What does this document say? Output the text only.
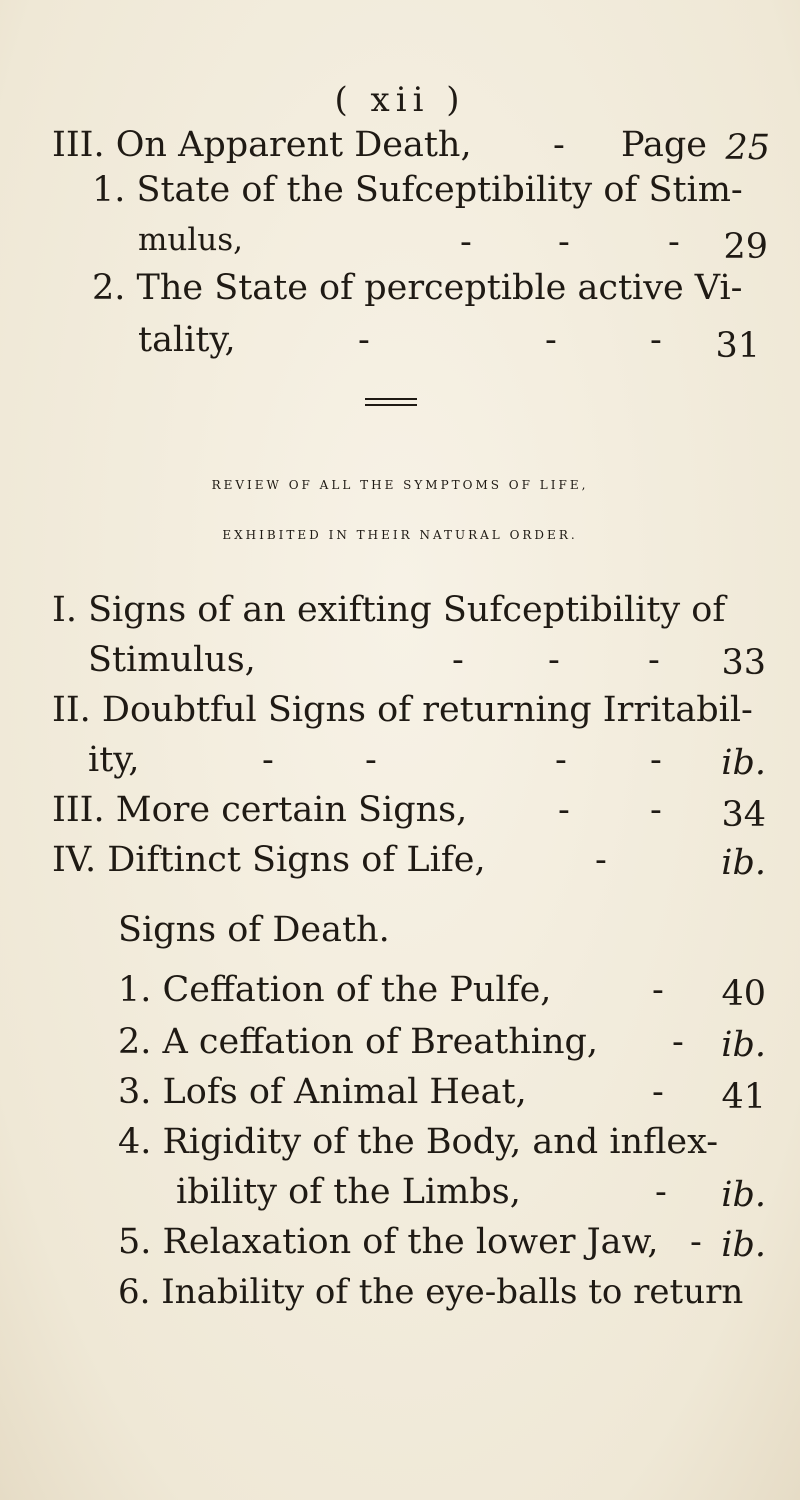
( xii )
III. On Apparent Death, - Page 25
1. State of the Sufceptibility of Stim-
mulus,	- -	-	29
2. The State of perceptible active Vi-
tality,	-	-	-	31
REVIEW OF ALL THE SYMPTOMS OF LIFE,
EXHIBITED IN THEIR NATURAL ORDER.
I. Signs of an exifting Sufceptibility of
Stimulus,	- -	-	33
II. Doubtful Signs of returning Irritabil-
ity,	-	-	- -	ib.
III. More certain Signs,	- -	34
IV. Diftinct Signs of Life,	-	ib.
Signs of Death.
1. Ceffation of the Pulfe,	-	40
2. A ceffation of Breathing, -	ib.
3. Lofs of Animal Heat,	-	41
4. Rigidity of the Body, and inflex-
ibility of the Limbs,	-	ib.
5. Relaxation of the lower Jaw, - ib.
6. Inability of the eye-balls to return
